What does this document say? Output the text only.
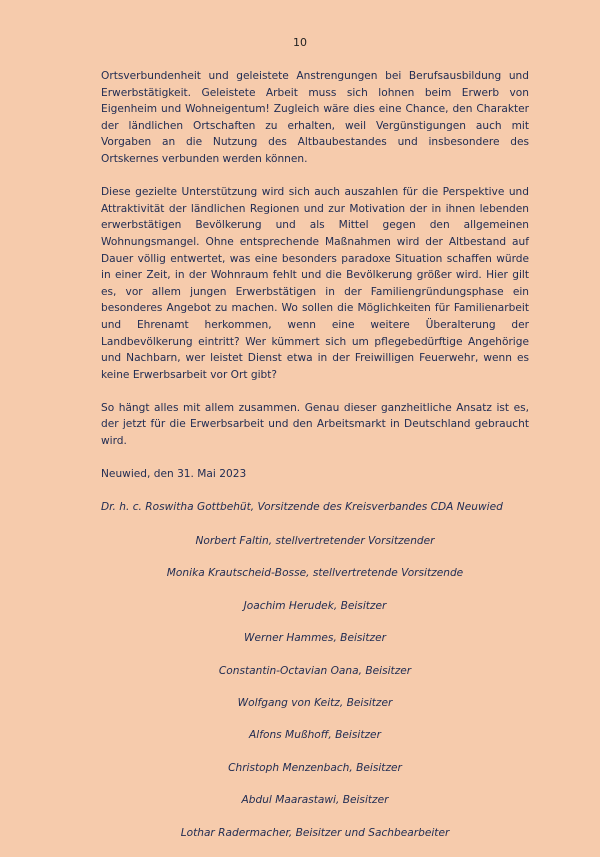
10

Ortsverbundenheit und geleistete Anstrengungen bei Berufsausbildung und Erwerbstätigkeit. Geleistete Arbeit muss sich lohnen beim Erwerb von Eigenheim und Wohneigentum! Zugleich wäre dies eine Chance, den Charakter der ländlichen Ortschaften zu erhalten, weil Vergünstigungen auch mit Vorgaben an die Nutzung des Altbaubestandes und insbesondere des Ortskernes verbunden werden können.

Diese gezielte Unterstützung wird sich auch auszahlen für die Perspektive und Attraktivität der ländlichen Regionen und zur Motivation der in ihnen lebenden erwerbstätigen Bevölkerung und als Mittel gegen den allgemeinen Wohnungsmangel. Ohne entsprechende Maßnahmen wird der Altbestand auf Dauer völlig entwertet, was eine besonders paradoxe Situation schaffen würde in einer Zeit, in der Wohnraum fehlt und die Bevölkerung größer wird. Hier gilt es, vor allem jungen Erwerbstätigen in der Familiengründungsphase ein besonderes Angebot zu machen. Wo sollen die Möglichkeiten für Familienarbeit und Ehrenamt herkommen, wenn eine weitere Überalterung der Landbevölkerung eintritt? Wer kümmert sich um pflegebedürftige Angehörige und Nachbarn, wer leistet Dienst etwa in der Freiwilligen Feuerwehr, wenn es keine Erwerbsarbeit vor Ort gibt?

So hängt alles mit allem zusammen. Genau dieser ganzheitliche Ansatz ist es, der jetzt für die Erwerbsarbeit und den Arbeitsmarkt in Deutschland gebraucht wird.

Neuwied, den 31. Mai 2023

Dr. h. c. Roswitha Gottbehüt, Vorsitzende des Kreisverbandes CDA Neuwied
Norbert Faltin, stellvertretender Vorsitzender
Monika Krautscheid-Bosse, stellvertretende Vorsitzende
Joachim Herudek, Beisitzer
Werner Hammes, Beisitzer
Constantin-Octavian Oana, Beisitzer
Wolfgang von Keitz, Beisitzer
Alfons Mußhoff, Beisitzer
Christoph Menzenbach, Beisitzer
Abdul Maarastawi, Beisitzer
Lothar Radermacher, Beisitzer und Sachbearbeiter
